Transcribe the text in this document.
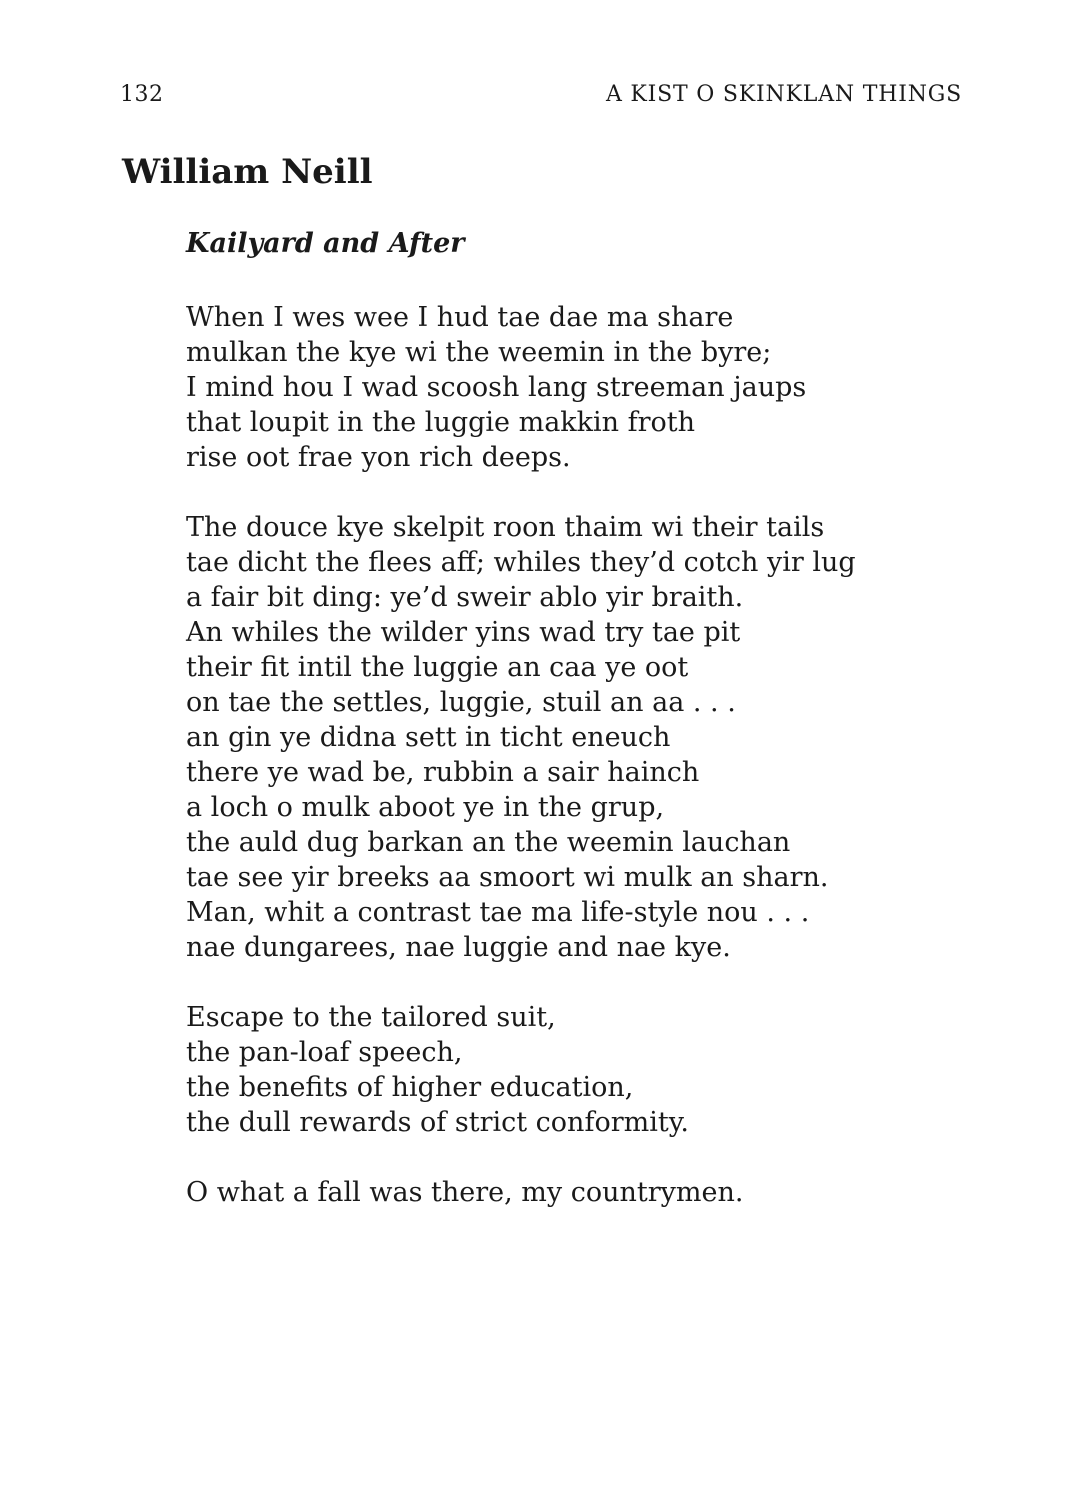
132	A KIST O SKINKLAN THINGS
William Neill
Kailyard and After
When I wes wee I hud tae dae ma share
mulkan the kye wi the weemin in the byre;
I mind hou I wad scoosh lang streeman jaups
that loupit in the luggie makkin froth
rise oot frae yon rich deeps.
The douce kye skelpit roon thaim wi their tails
tae dicht the flees aff; whiles they’d cotch yir lug
a fair bit ding: ye’d sweir ablo yir braith.
An whiles the wilder yins wad try tae pit
their fit intil the luggie an caa ye oot
on tae the settles, luggie, stuil an aa . . .
an gin ye didna sett in ticht eneuch
there ye wad be, rubbin a sair hainch
a loch o mulk aboot ye in the grup,
the auld dug barkan an the weemin lauchan
tae see yir breeks aa smoort wi mulk an sharn.
Man, whit a contrast tae ma life-style nou . . .
nae dungarees, nae luggie and nae kye.
Escape to the tailored suit,
the pan-loaf speech,
the benefits of higher education,
the dull rewards of strict conformity.
O what a fall was there, my countrymen.
